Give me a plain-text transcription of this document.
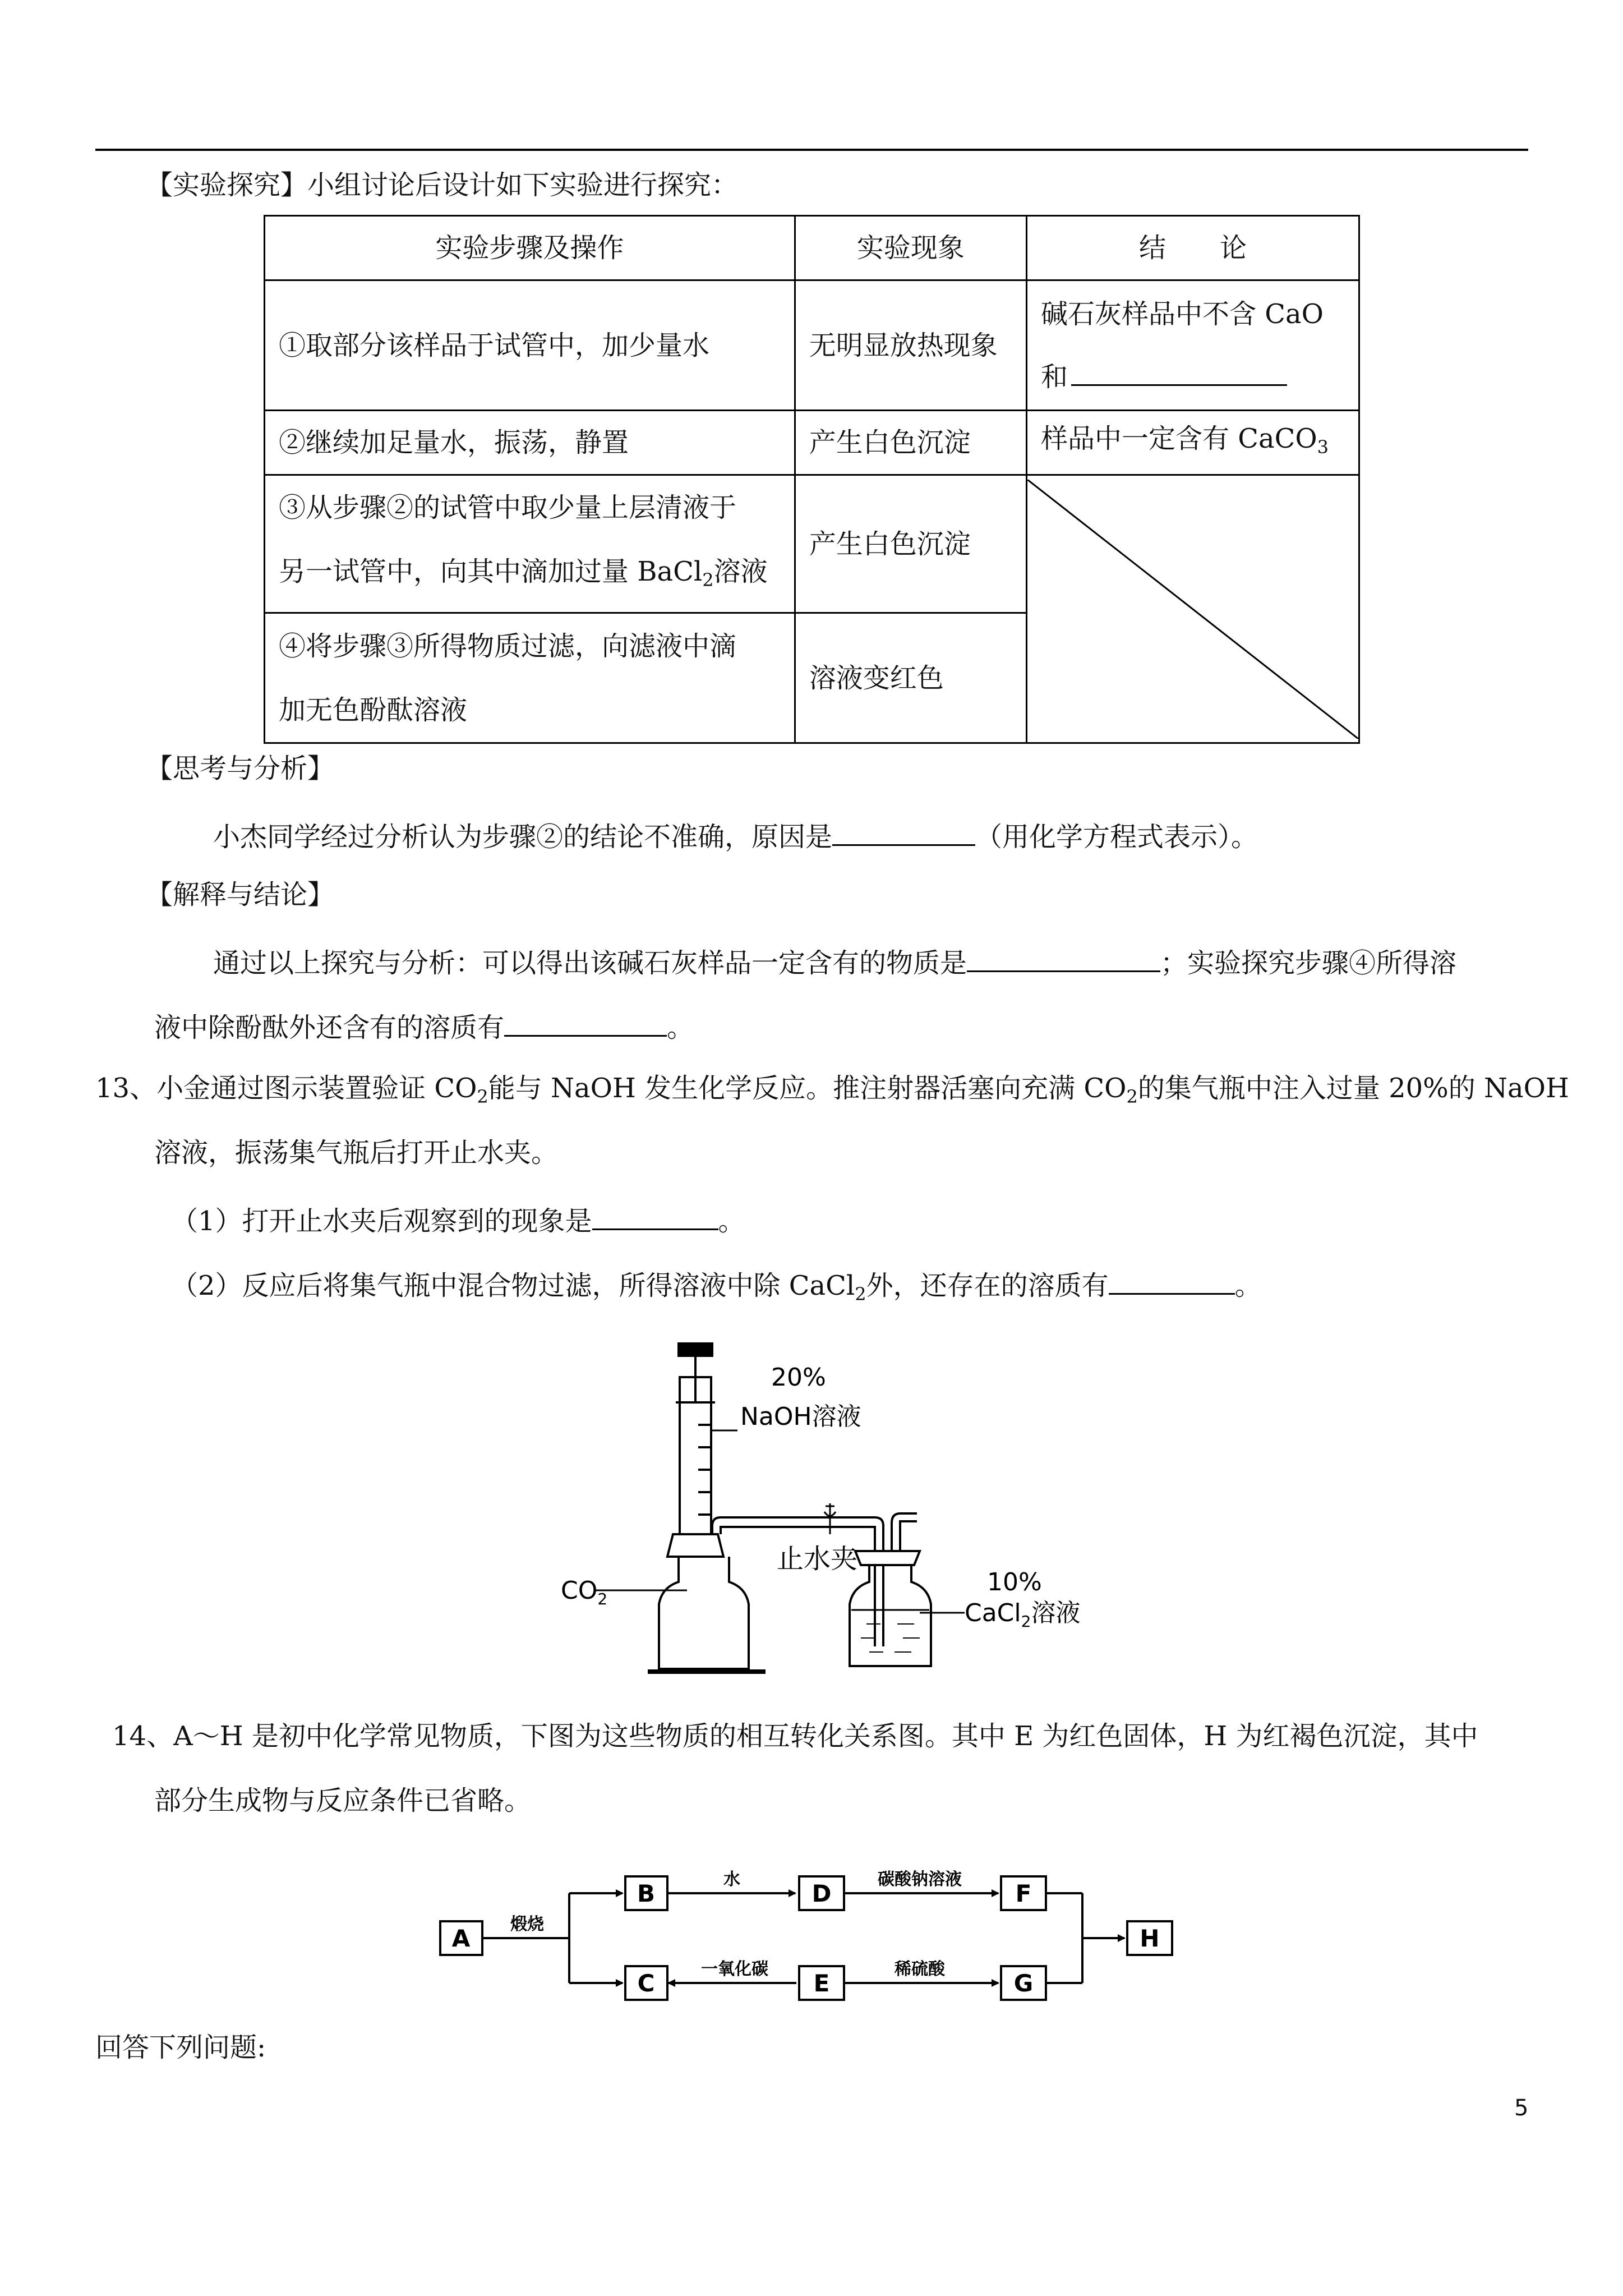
【实验探究】小组讨论后设计如下实验进行探究：
实验步骤及操作	实验现象	结　　论
①取部分该样品于试管中，加少量水	无明显放热现象	碱石灰样品中不含 CaO
和

②继续加足量水，振荡，静置	产生白色沉淀	样品中一定含有 CaCO$_3$

③从步骤②的试管中取少量上层清液于
另一试管中，向其中滴加过量 BaCl$_2$溶液	产生白色沉淀	

④将步骤③所得物质过滤，向滤液中滴
加无色酚酞溶液	溶液变红色	
【思考与分析】
小杰同学经过分析认为步骤②的结论不准确，原因是	（用化学方程式表示）。
【解释与结论】
通过以上探究与分析：可以得出该碱石灰样品一定含有的物质是	；实验探究步骤④所得溶
液中除酚酞外还含有的溶质有	。
13、小金通过图示装置验证 $CO_2$能与 NaOH 发生化学反应。推注射器活塞向充满 $CO_2$的集气瓶中注入过量 20%的 NaOH
溶液，振荡集气瓶后打开止水夹。
（1）打开止水夹后观察到的现象是	。
（2）反应后将集气瓶中混合物过滤，所得溶液中除 CaCl$_2$外，还存在的溶质有	。
20%
NaOH溶液
止水夹
$CO_2$
10%
CaCl$_2$溶液
14、A～H 是初中化学常见物质，下图为这些物质的相互转化关系图。其中 E 为红色固体，H 为红褐色沉淀，其中
部分生成物与反应条件已省略。
A
B
C
D
E
F
G
H
煅烧
水	碳酸钠溶液
一氧化碳	稀硫酸
回答下列问题:
5
